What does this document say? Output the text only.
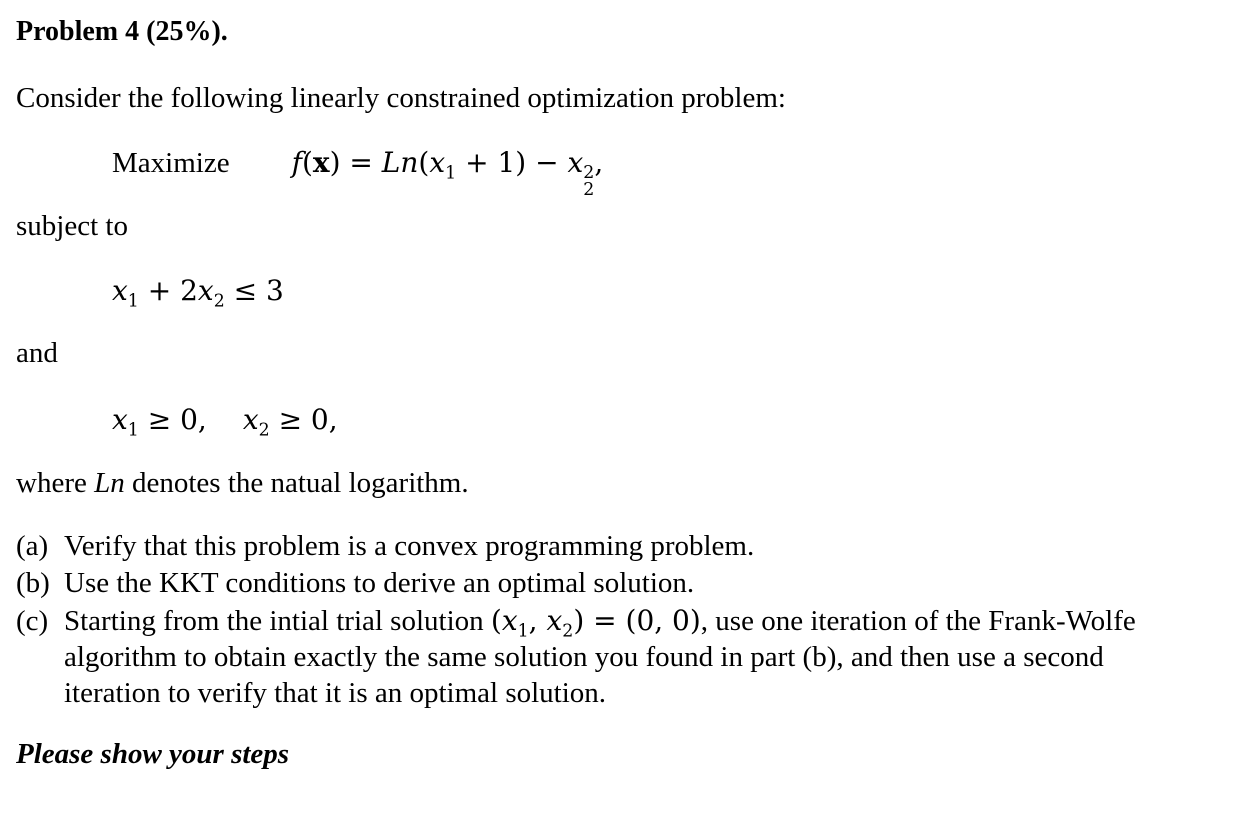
Problem 4 (25%).
Consider the following linearly constrained optimization problem:
Maximize $f(x) = Ln(x_1 + 1) - x$ 2
2
,
subject to
$x_1 + 2x_2 \le 3$
and
$x_1 \ge 0$, $x_2 \ge 0$,
where Ln denotes the natual logarithm.
(a) Verify that this problem is a convex programming problem.
(b) Use the KKT conditions to derive an optimal solution.
(c) Starting from the intial trial solution ($x_1$, $x_2) = (0$, 0), use one iteration of the Frank-Wolfe
algorithm to obtain exactly the same solution you found in part (b), and then use a second
iteration to verify that it is an optimal solution.
Please show your steps
